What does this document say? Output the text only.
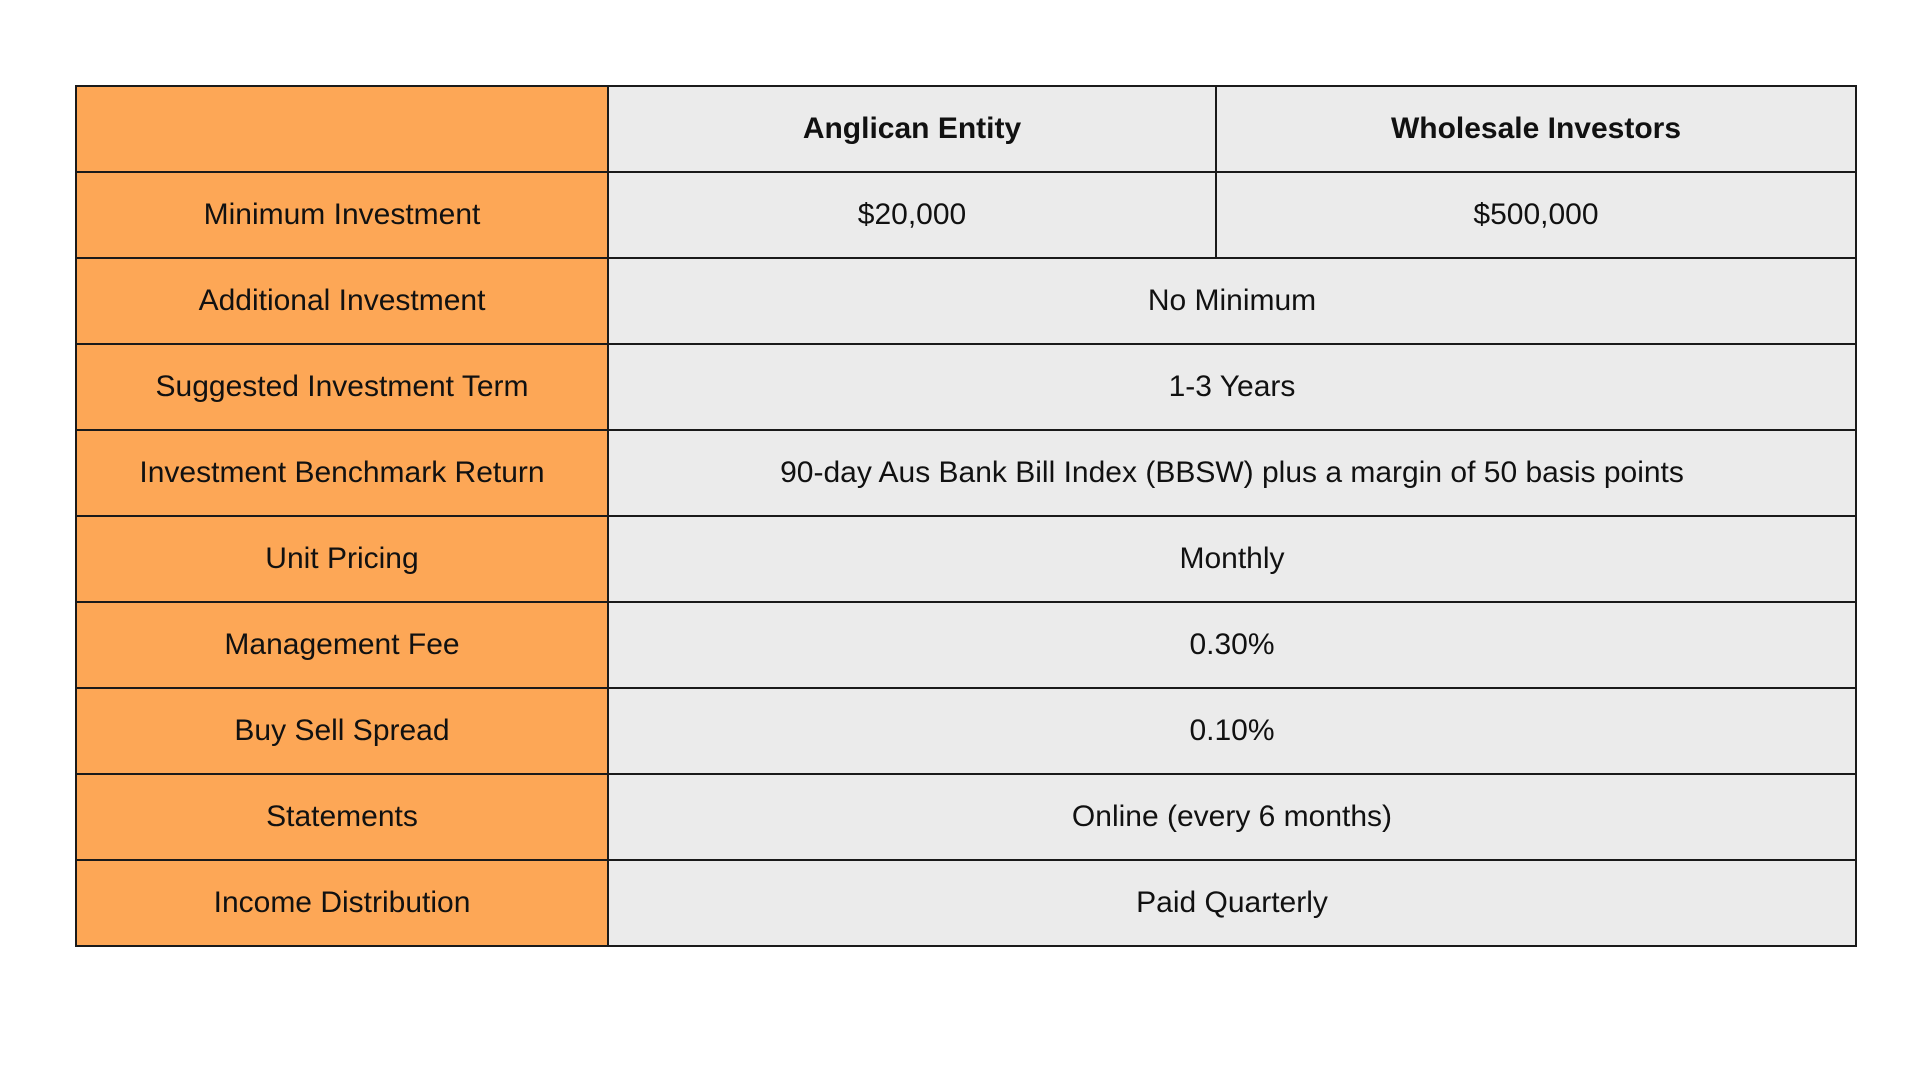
	Anglican Entity	Wholesale Investors
Minimum Investment	$20,000	$500,000
Additional Investment	No Minimum	
Suggested Investment Term	1-3 Years	
Investment Benchmark Return	90-day Aus Bank Bill Index (BBSW) plus a margin of 50 basis points	
Unit Pricing	Monthly	
Management Fee	0.30%	
Buy Sell Spread	0.10%	
Statements	Online (every 6 months)	
Income Distribution	Paid Quarterly	
